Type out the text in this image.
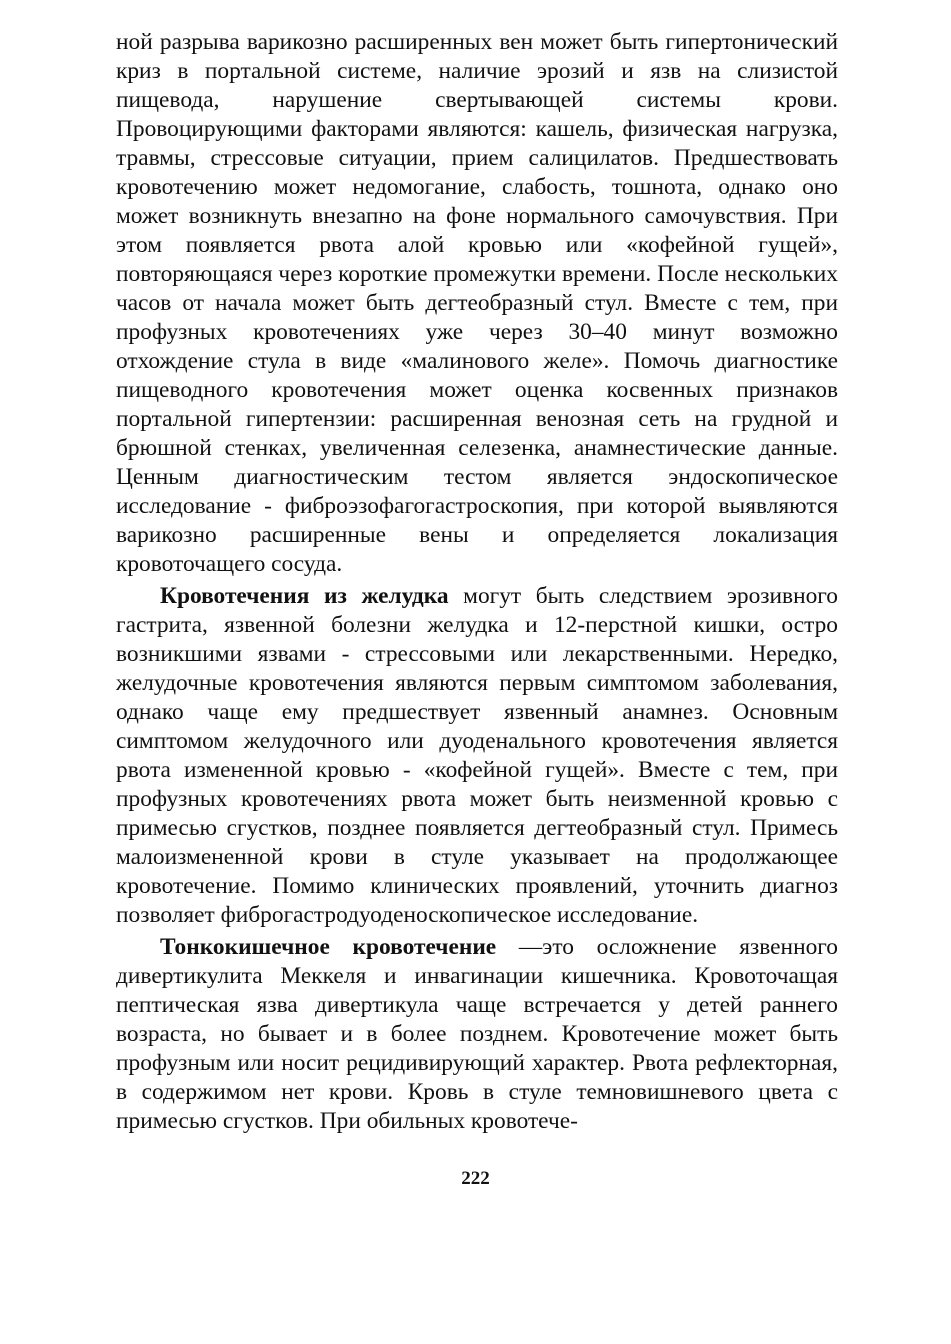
ной разрыва варикозно расширенных вен может быть гипертонический криз в портальной системе, наличие эрозий и язв на слизистой пищевода, нарушение свертывающей системы крови. Провоцирующими факторами являются: кашель, физическая нагрузка, травмы, стрессовые ситуации, прием салицилатов. Предшествовать кровотечению может недомогание, слабость, тошнота, однако оно может возникнуть внезапно на фоне нормального самочувствия. При этом появляется рвота алой кровью или «кофейной гущей», повторяющаяся через короткие промежутки времени. После нескольких часов от начала может быть дегтеобразный стул. Вместе с тем, при профузных кровотечениях уже через 30–40 минут возможно отхождение стула в виде «малинового желе». Помочь диагностике пищеводного кровотечения может оценка косвенных признаков портальной гипертензии: расширенная венозная сеть на грудной и брюшной стенках, увеличенная селезенка, анамнестические данные. Ценным диагностическим тестом является эндоскопическое исследование - фиброэзофагогастроскопия, при которой выявляются варикозно расширенные вены и определяется локализация кровоточащего сосуда.

Кровотечения из желудка могут быть следствием эрозивного гастрита, язвенной болезни желудка и 12-перстной кишки, остро возникшими язвами - стрессовыми или лекарственными. Нередко, желудочные кровотечения являются первым симптомом заболевания, однако чаще ему предшествует язвенный анамнез. Основным симптомом желудочного или дуоденального кровотечения является рвота измененной кровью - «кофейной гущей». Вместе с тем, при профузных кровотечениях рвота может быть неизменной кровью с примесью сгустков, позднее появляется дегтеобразный стул. Примесь малоизмененной крови в стуле указывает на продолжающее кровотечение. Помимо клинических проявлений, уточнить диагноз позволяет фиброгастродуоденоскопическое исследование.

Тонкокишечное кровотечение —это осложнение язвенного дивертикулита Меккеля и инвагинации кишечника. Кровоточащая пептическая язва дивертикула чаще встречается у детей раннего возраста, но бывает и в более позднем. Кровотечение может быть профузным или носит рецидивирующий характер. Рвота рефлекторная, в содержимом нет крови. Кровь в стуле темновишневого цвета с примесью сгустков. При обильных кровотече-

222
